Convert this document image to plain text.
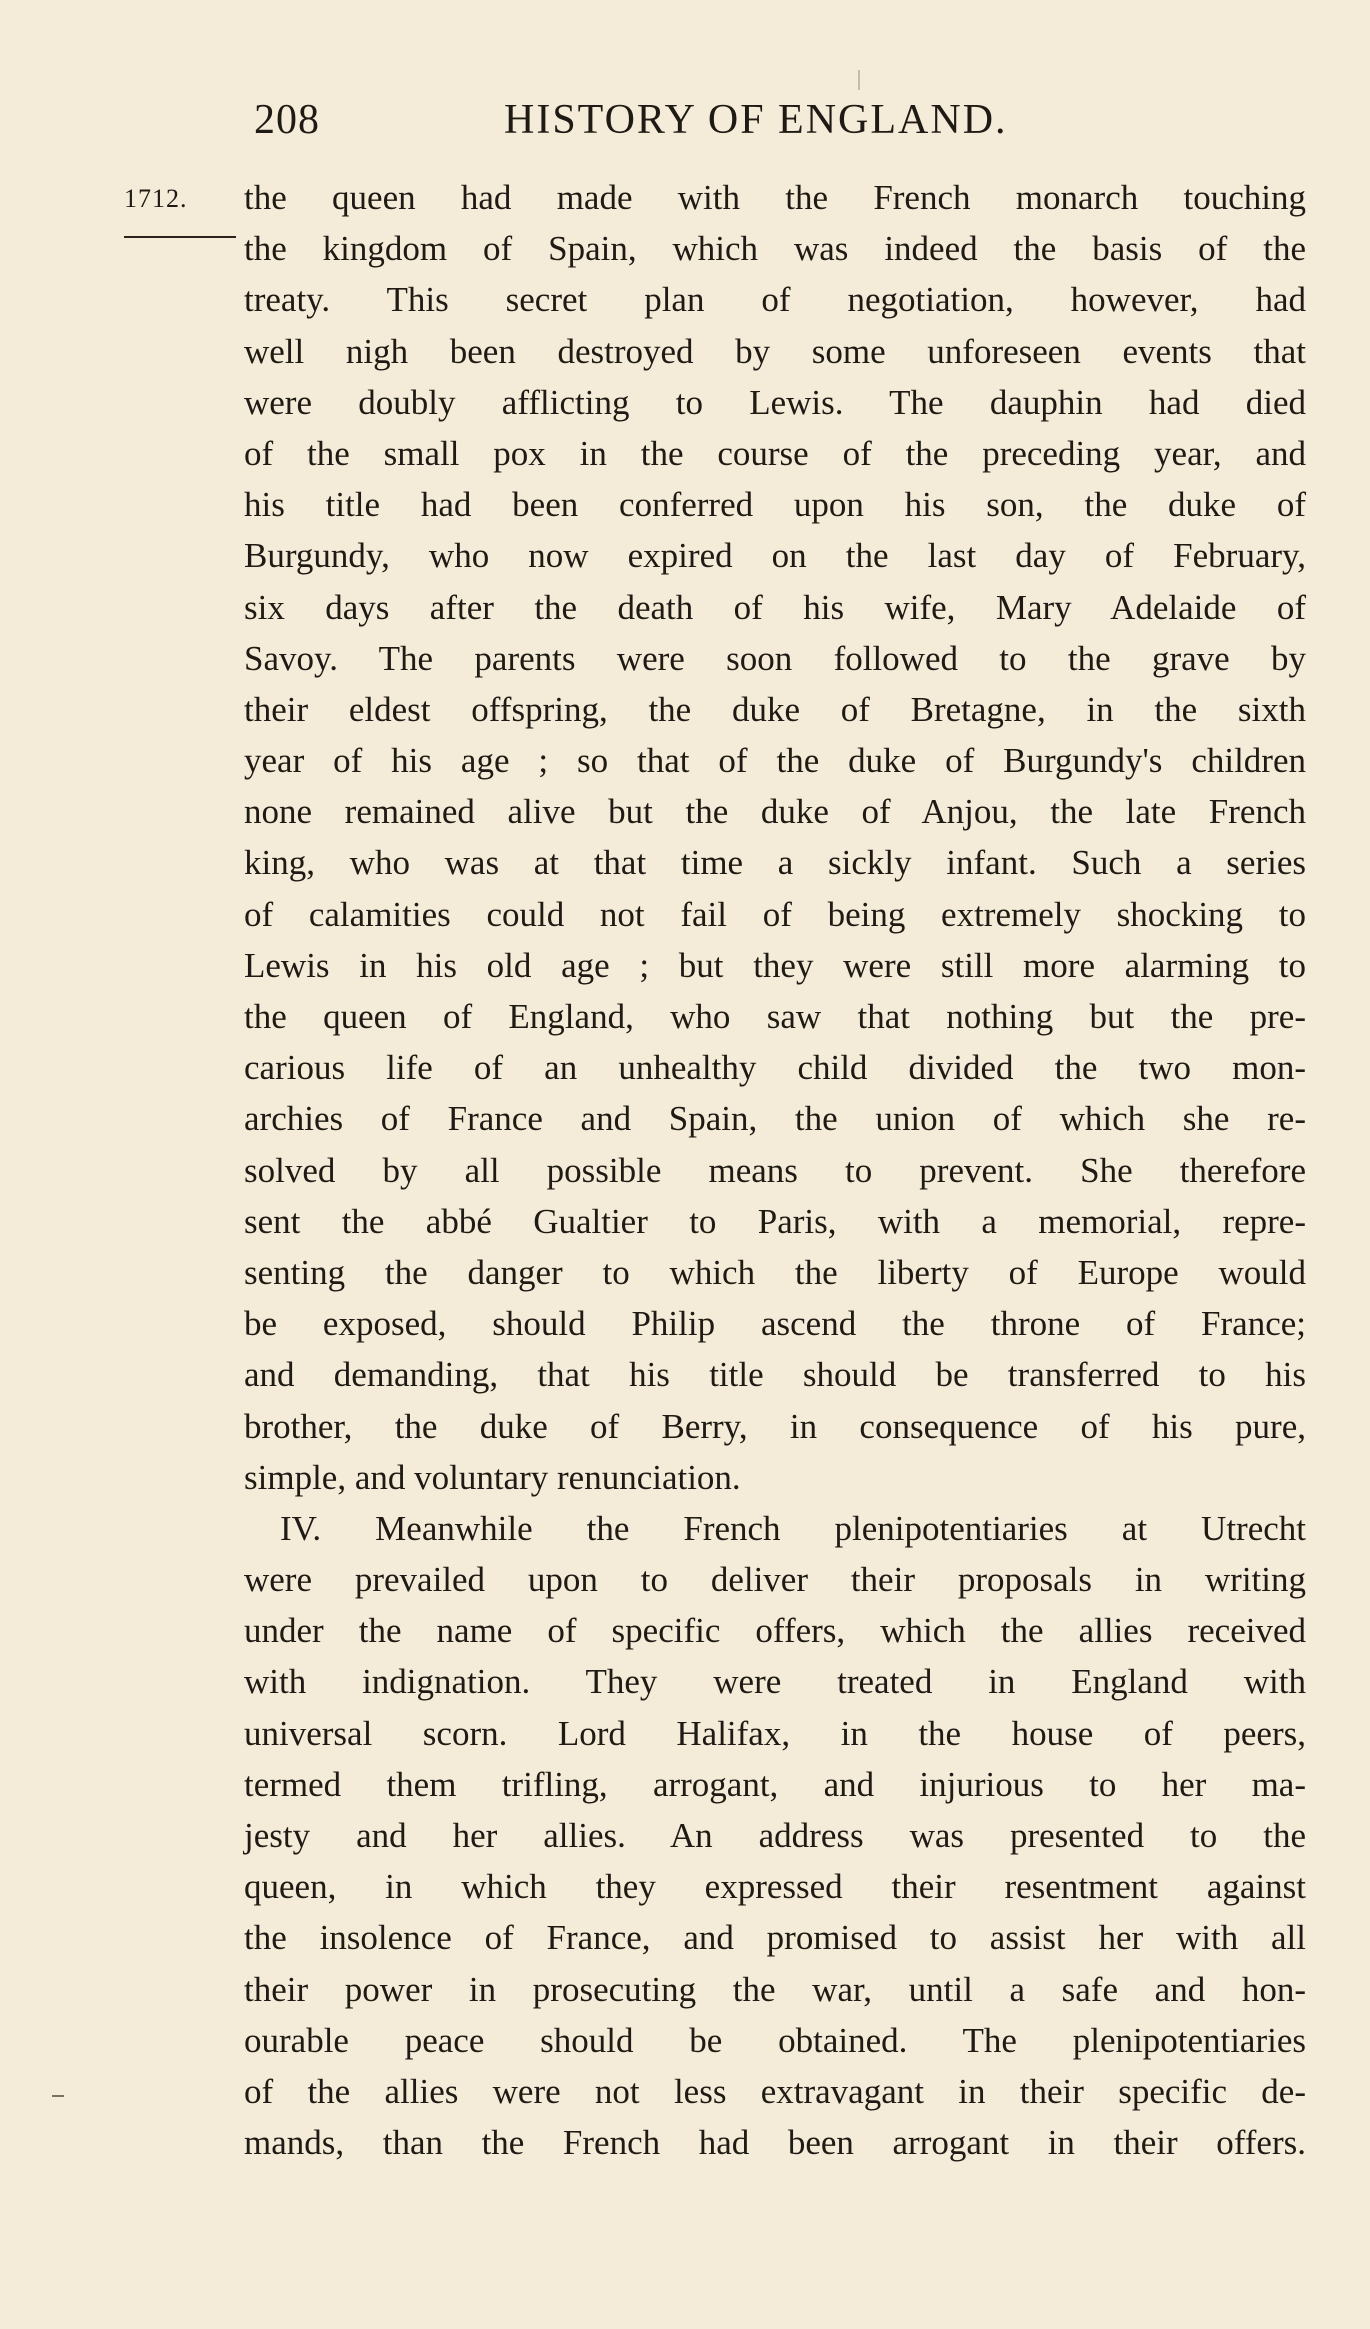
208	HISTORY OF ENGLAND.
1712. the queen had made with the French monarch touching
the kingdom of Spain, which was indeed the basis of the
treaty. This secret plan of negotiation, however, had
well nigh been destroyed by some unforeseen events that
were doubly afflicting to Lewis. The dauphin had died
of the small pox in the course of the preceding year, and
his title had been conferred upon his son, the duke of
Burgundy, who now expired on the last day of February,
six days after the death of his wife, Mary Adelaide of
Savoy. The parents were soon followed to the grave by
their eldest offspring, the duke of Bretagne, in the sixth
year of his age ; so that of the duke of Burgundy's children
none remained alive but the duke of Anjou, the late French
king, who was at that time a sickly infant. Such a series
of calamities could not fail of being extremely shocking to
Lewis in his old age ; but they were still more alarming to
the queen of England, who saw that nothing but the pre-
carious life of an unhealthy child divided the two mon-
archies of France and Spain, the union of which she re-
solved by all possible means to prevent. She therefore
sent the abbé Gualtier to Paris, with a memorial, repre-
senting the danger to which the liberty of Europe would
be exposed, should Philip ascend the throne of France;
and demanding, that his title should be transferred to his
brother, the duke of Berry, in consequence of his pure,
simple, and voluntary renunciation.
IV. Meanwhile the French plenipotentiaries at Utrecht
were prevailed upon to deliver their proposals in writing
under the name of specific offers, which the allies received
with indignation. They were treated in England with
universal scorn. Lord Halifax, in the house of peers,
termed them trifling, arrogant, and injurious to her ma-
jesty and her allies. An address was presented to the
queen, in which they expressed their resentment against
the insolence of France, and promised to assist her with all
their power in prosecuting the war, until a safe and hon-
ourable peace should be obtained. The plenipotentiaries
of the allies were not less extravagant in their specific de-
mands, than the French had been arrogant in their offers.
